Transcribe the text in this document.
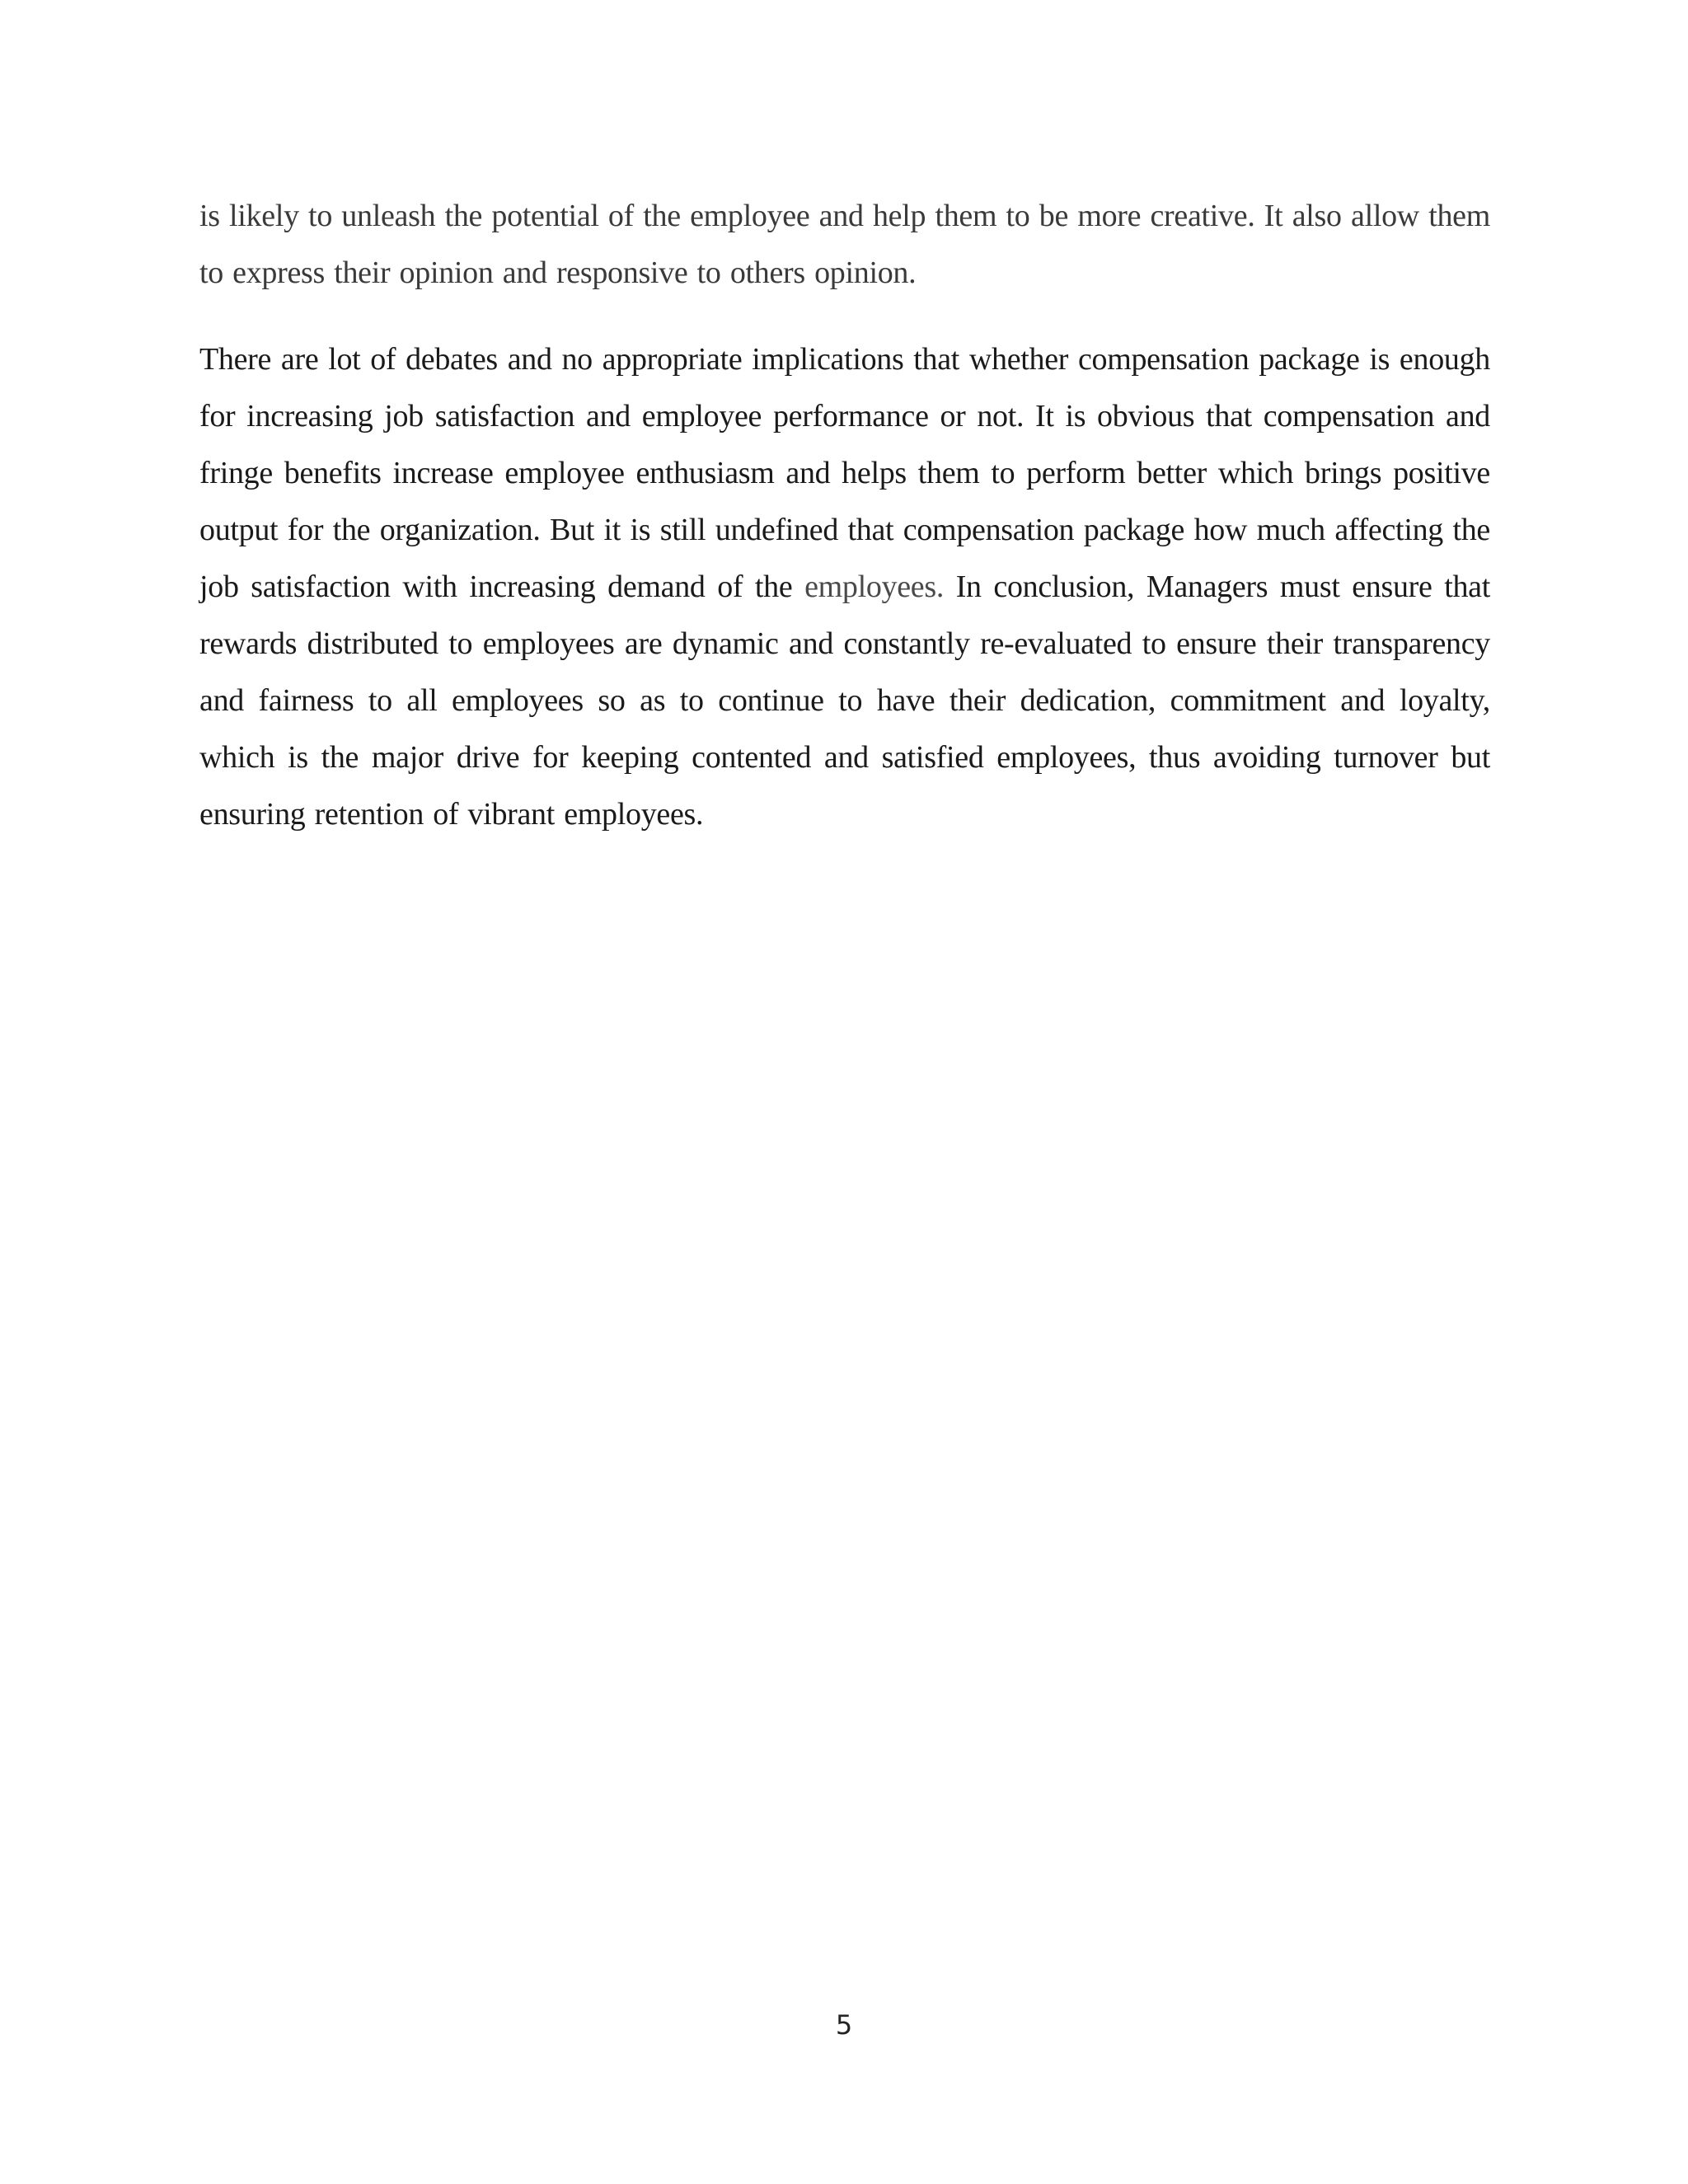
is likely to unleash the potential of the employee and help them to be more creative. It also allow them to express their opinion and responsive to others opinion.

There are lot of debates and no appropriate implications that whether compensation package is enough for increasing job satisfaction and employee performance or not. It is obvious that compensation and fringe benefits increase employee enthusiasm and helps them to perform better which brings positive output for the organization. But it is still undefined that compensation package how much affecting the job satisfaction with increasing demand of the employees. In conclusion, Managers must ensure that rewards distributed to employees are dynamic and constantly re-evaluated to ensure their transparency and fairness to all employees so as to continue to have their dedication, commitment and loyalty, which is the major drive for keeping contented and satisfied employees, thus avoiding turnover but ensuring retention of vibrant employees.

5
